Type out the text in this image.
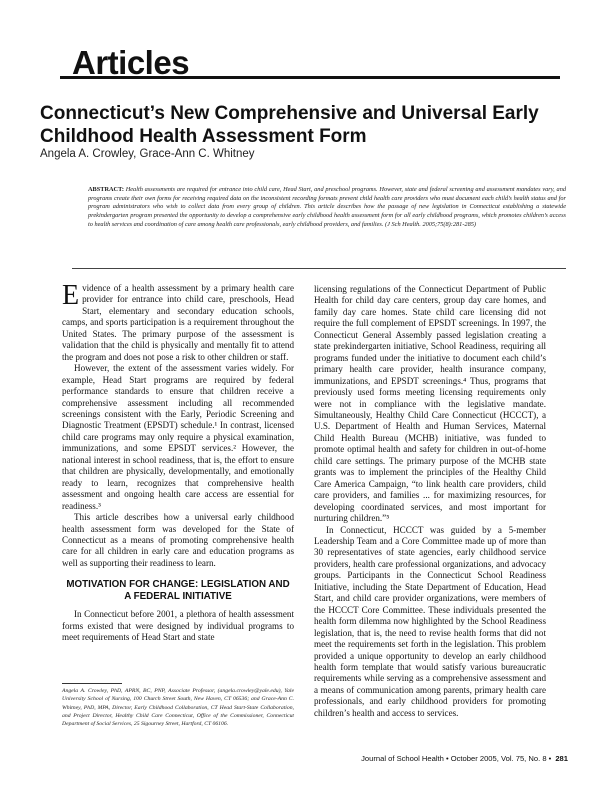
Articles
Connecticut’s New Comprehensive and Universal Early Childhood Health Assessment Form
Angela A. Crowley, Grace-Ann C. Whitney
ABSTRACT: Health assessments are required for entrance into child care, Head Start, and preschool programs. However, state and federal screening and assessment mandates vary, and programs create their own forms for receiving required data on the inconsistent recording formats prevent child health care providers who must document each child’s health status and for program administrators who wish to collect data from every group of children. This article describes how the passage of new legislation in Connecticut establishing a statewide prekindergarten program presented the opportunity to develop a comprehensive early childhood health assessment form for all early childhood programs, which promotes children’s access to health services and coordination of care among health care professionals, early childhood providers, and families. (J Sch Health. 2005;75(8):281-285)

Evidence of a health assessment by a primary health care provider for entrance into child care, preschools, Head Start, elementary and secondary education schools, camps, and sports participation is a requirement throughout the United States. The primary purpose of the assessment is validation that the child is physically and mentally fit to attend the program and does not pose a risk to other children or staff.

However, the extent of the assessment varies widely. For example, Head Start programs are required by federal performance standards to ensure that children receive a comprehensive assessment including all recommended screenings consistent with the Early, Periodic Screening and Diagnostic Treatment (EPSDT) schedule.¹ In contrast, licensed child care programs may only require a physical examination, immunizations, and some EPSDT services.² However, the national interest in school readiness, that is, the effort to ensure that children are physically, developmentally, and emotionally ready to learn, recognizes that comprehensive health assessment and ongoing health care access are essential for readiness.³

This article describes how a universal early childhood health assessment form was developed for the State of Connecticut as a means of promoting comprehensive health care for all children in early care and education programs as well as supporting their readiness to learn.

MOTIVATION FOR CHANGE: LEGISLATION AND A FEDERAL INITIATIVE

In Connecticut before 2001, a plethora of health assessment forms existed that were designed by individual programs to meet requirements of Head Start and state

licensing regulations of the Connecticut Department of Public Health for child day care centers, group day care homes, and family day care homes. State child care licensing did not require the full complement of EPSDT screenings. In 1997, the Connecticut General Assembly passed legislation creating a state prekindergarten initiative, School Readiness, requiring all programs funded under the initiative to document each child’s primary health care provider, health insurance company, immunizations, and EPSDT screenings.⁴ Thus, programs that previously used forms meeting licensing requirements only were not in compliance with the legislative mandate. Simultaneously, Healthy Child Care Connecticut (HCCCT), a U.S. Department of Health and Human Services, Maternal Child Health Bureau (MCHB) initiative, was funded to promote optimal health and safety for children in out-of-home child care settings. The primary purpose of the MCHB state grants was to implement the principles of the Healthy Child Care America Campaign, “to link health care providers, child care providers, and families ... for maximizing resources, for developing coordinated services, and most important for nurturing children.”⁵

In Connecticut, HCCCT was guided by a 5-member Leadership Team and a Core Committee made up of more than 30 representatives of state agencies, early childhood service providers, health care professional organizations, and advocacy groups. Participants in the Connecticut School Readiness Initiative, including the State Department of Education, Head Start, and child care provider organizations, were members of the HCCCT Core Committee. These individuals presented the health form dilemma now highlighted by the School Readiness legislation, that is, the need to revise health forms that did not meet the requirements set forth in the legislation. This problem provided a unique opportunity to develop an early childhood health form template that would satisfy various bureaucratic requirements while serving as a comprehensive assessment and a means of communication among parents, primary health care professionals, and early childhood providers for promoting children’s health and access to services.

Angela A. Crowley, PhD, APRN, BC, PNP, Associate Professor, (angela.crowley@yale.edu), Yale University School of Nursing, 100 Church Street South, New Haven, CT 06536; and Grace-Ann C. Whitney, PhD, MPA, Director, Early Childhood Collaboration, CT Head Start-State Collaboration, and Project Director, Healthy Child Care Connecticut, Office of the Commissioner, Connecticut Department of Social Services, 25 Sigourney Street, Hartford, CT 06106.
Journal of School Health • October 2005, Vol. 75, No. 8 • 281
